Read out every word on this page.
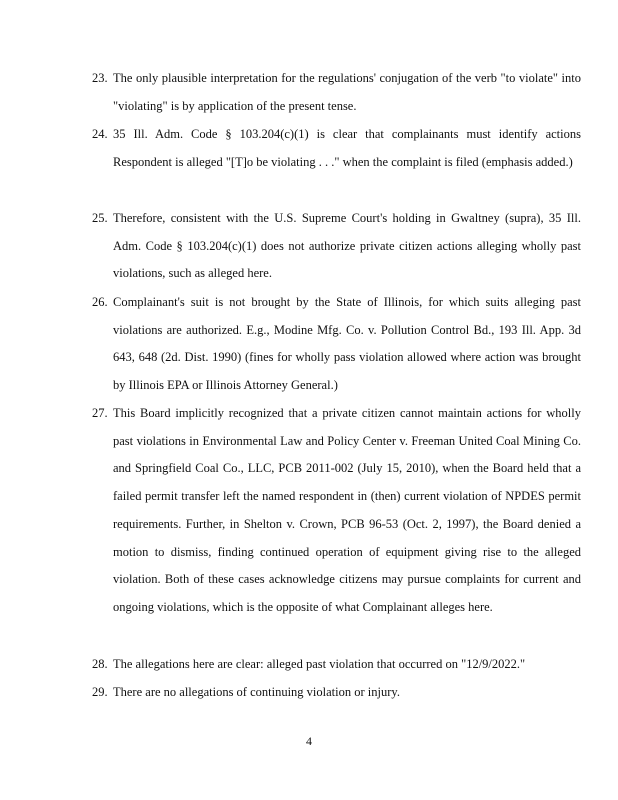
23. The only plausible interpretation for the regulations' conjugation of the verb "to violate" into "violating" is by application of the present tense.
24. 35 Ill. Adm. Code § 103.204(c)(1) is clear that complainants must identify actions Respondent is alleged "[T]o be violating . . ." when the complaint is filed (emphasis added.)
25. Therefore, consistent with the U.S. Supreme Court's holding in Gwaltney (supra), 35 Ill. Adm. Code § 103.204(c)(1) does not authorize private citizen actions alleging wholly past violations, such as alleged here.
26. Complainant's suit is not brought by the State of Illinois, for which suits alleging past violations are authorized. E.g., Modine Mfg. Co. v. Pollution Control Bd., 193 Ill. App. 3d 643, 648 (2d. Dist. 1990) (fines for wholly pass violation allowed where action was brought by Illinois EPA or Illinois Attorney General.)
27. This Board implicitly recognized that a private citizen cannot maintain actions for wholly past violations in Environmental Law and Policy Center v. Freeman United Coal Mining Co. and Springfield Coal Co., LLC, PCB 2011-002 (July 15, 2010), when the Board held that a failed permit transfer left the named respondent in (then) current violation of NPDES permit requirements. Further, in Shelton v. Crown, PCB 96-53 (Oct. 2, 1997), the Board denied a motion to dismiss, finding continued operation of equipment giving rise to the alleged violation. Both of these cases acknowledge citizens may pursue complaints for current and ongoing violations, which is the opposite of what Complainant alleges here.
28. The allegations here are clear: alleged past violation that occurred on "12/9/2022."
29. There are no allegations of continuing violation or injury.
4
